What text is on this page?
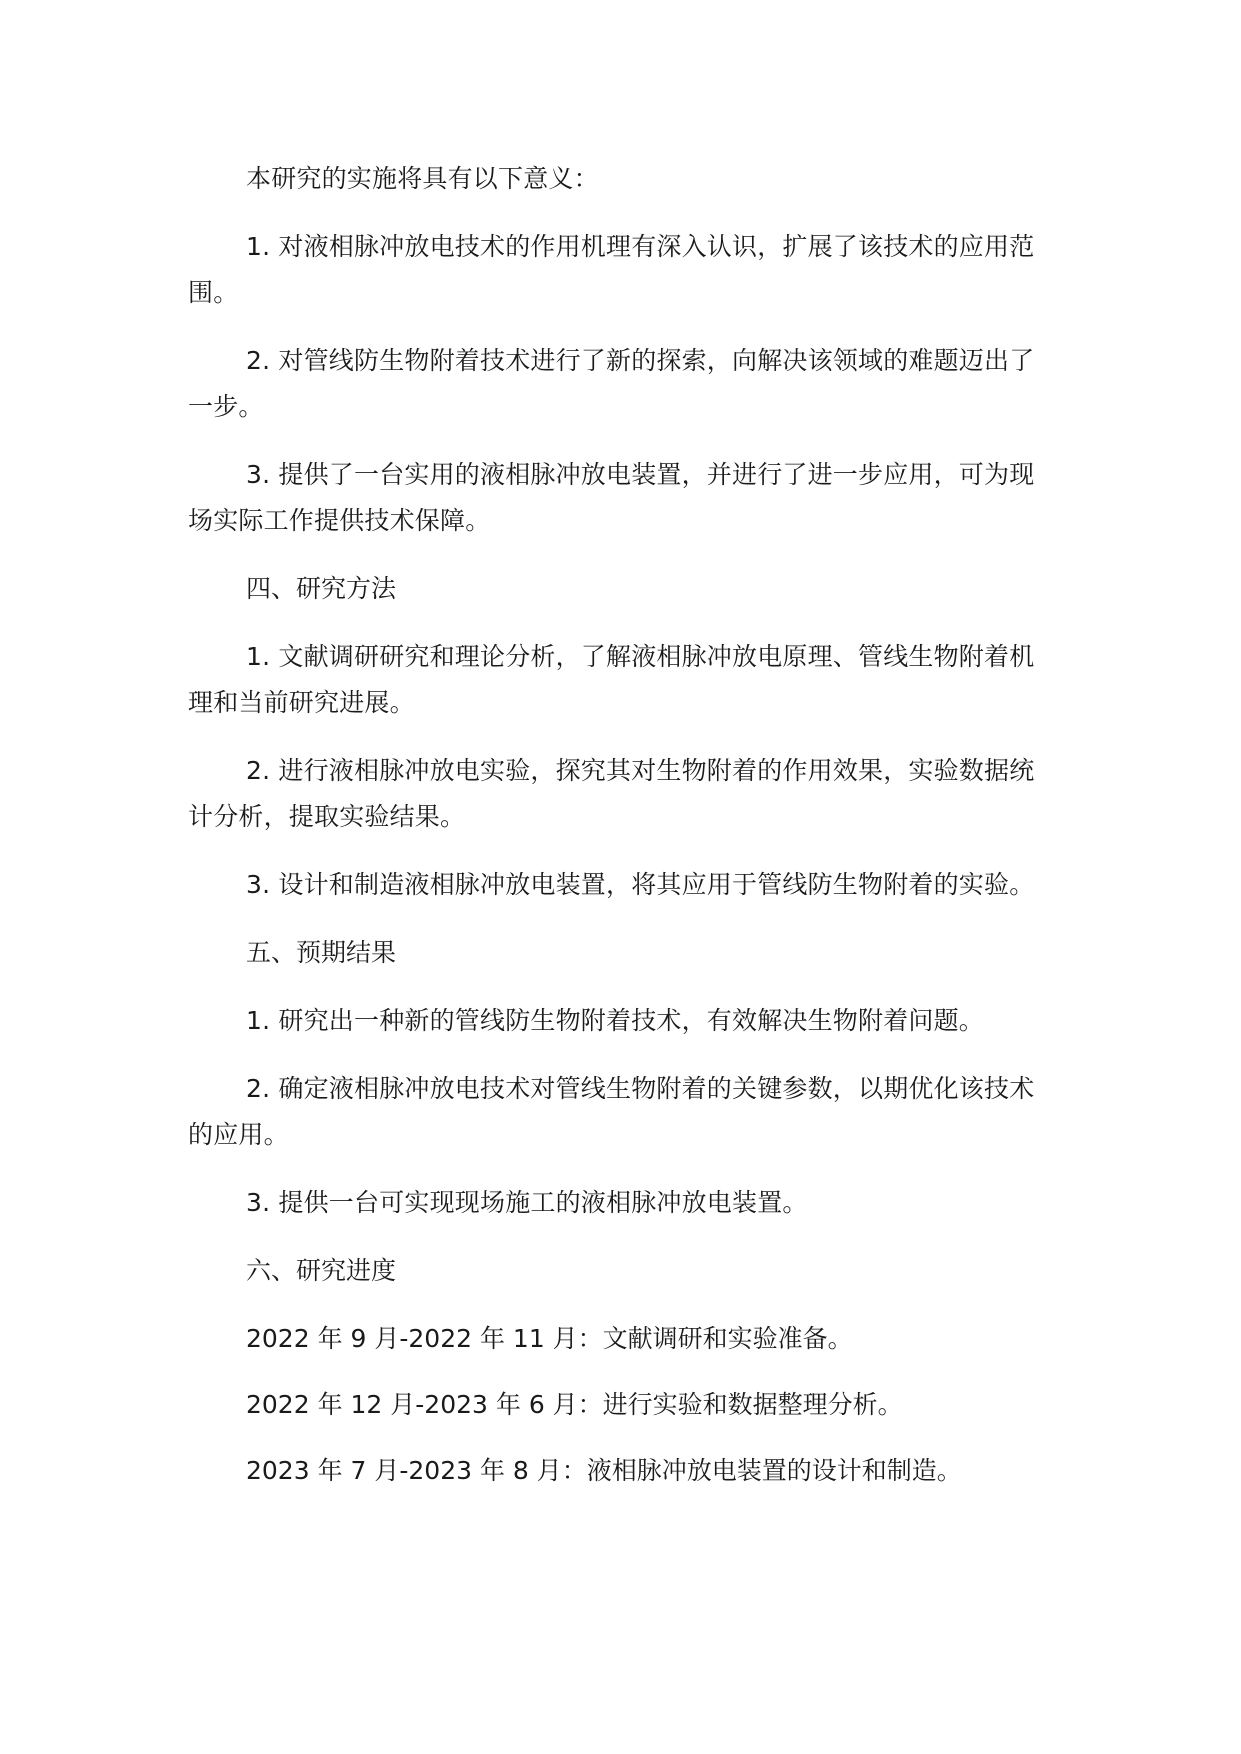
本研究的实施将具有以下意义：

1. 对液相脉冲放电技术的作用机理有深入认识，扩展了该技术的应用范围。

2. 对管线防生物附着技术进行了新的探索，向解决该领域的难题迈出了一步。

3. 提供了一台实用的液相脉冲放电装置，并进行了进一步应用，可为现场实际工作提供技术保障。

四、研究方法

1. 文献调研研究和理论分析，了解液相脉冲放电原理、管线生物附着机理和当前研究进展。

2. 进行液相脉冲放电实验，探究其对生物附着的作用效果，实验数据统计分析，提取实验结果。

3. 设计和制造液相脉冲放电装置，将其应用于管线防生物附着的实验。

五、预期结果

1. 研究出一种新的管线防生物附着技术，有效解决生物附着问题。

2. 确定液相脉冲放电技术对管线生物附着的关键参数，以期优化该技术的应用。

3. 提供一台可实现现场施工的液相脉冲放电装置。

六、研究进度

2022 年 9 月-2022 年 11 月：文献调研和实验准备。

2022 年 12 月-2023 年 6 月：进行实验和数据整理分析。

2023 年 7 月-2023 年 8 月：液相脉冲放电装置的设计和制造。
